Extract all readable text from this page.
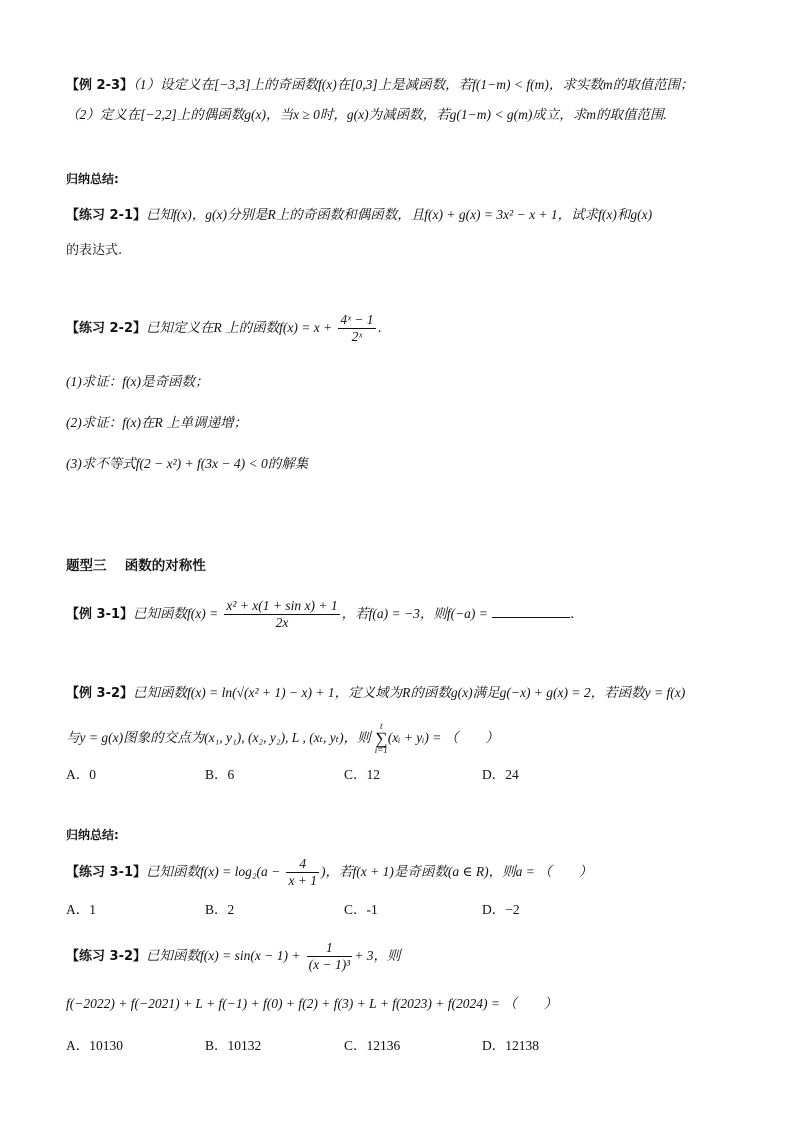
【例 2-3】（1）设定义在[−3,3]上的奇函数f(x)在[0,3]上是减函数，若f(1−m) < f(m)，求实数m的取值范围；
（2）定义在[−2,2]上的偶函数g(x)，当x ≥ 0时，g(x)为减函数，若g(1−m) < g(m)成立，求m的取值范围.
归纳总结:
【练习 2-1】已知f(x)，g(x)分别是R上的奇函数和偶函数，且f(x) + g(x) = 3x² − x + 1，试求f(x)和g(x)
的表达式.
【练习 2-2】已知定义在R 上的函数$f(x) = x + \frac{\text{4ˣ − 1}}{\text{2ˣ}}$ .
(1)求证：f(x)是奇函数；
(2)求证：f(x)在R 上单调递增；
(3)求不等式f(2 − x²) + f(3x − 4) < 0的解集
题型三　 函数的对称性
【例 3-1】已知函数$f(x) = \frac{\text{x² + x(1 + sin x) + 1}}{2x}$ ，若f(a) = −3，则f(−a) =	.
【例 3-2】已知函数f(x) = ln(√(x² + 1) − x) + 1，定义域为R的函数g(x)满足g(−x) + g(x) = 2，若函数y = f(x)
与y = g(x)图象的交点为(x₁, y₁), (x₂, y₂), L , (xₜ, yₜ)，则 t
∑
i=1(xᵢ + yᵢ) = （　　）
A．0	B．6	C．12	D．24
归纳总结:
【练习 3-1】已知函数$f(x) = \log_2(a - \frac{4}{x + 1}$ )，若f(x + 1)是奇函数(a ∈ R)，则a = （　　）
A．1	B．2	C．-1	D．−2
【练习 3-2】已知函数$f(x) = \sin(x - 1) + \frac{1}{\text{(x − 1)³}} + 3$，则
f(−2022) + f(−2021) + L + f(−1) + f(0) + f(2) + f(3) + L + f(2023) + f(2024) = （　　）
A．10130	B．10132	C．12136	D．12138
